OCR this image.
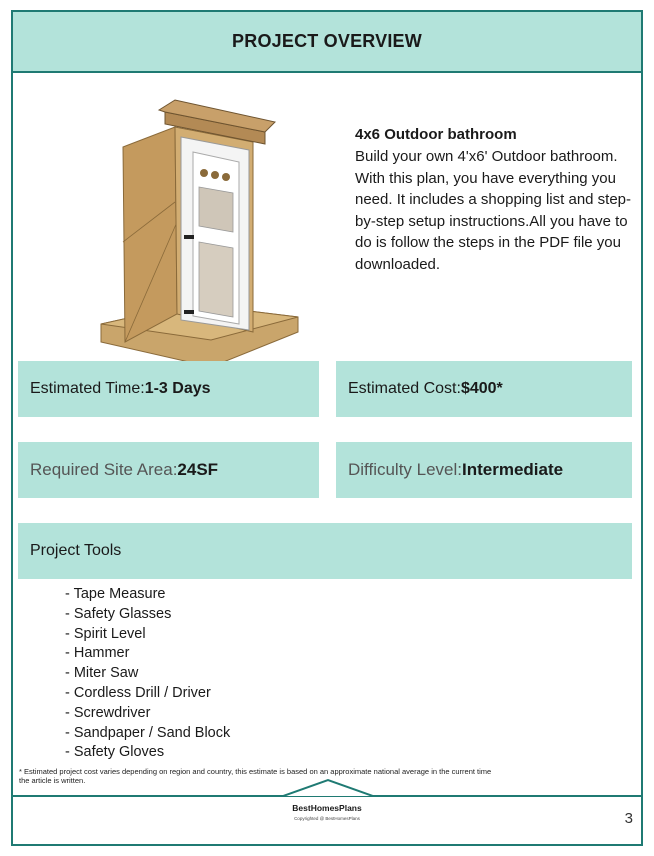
PROJECT OVERVIEW
4x6 Outdoor bathroom
Build your own 4'x6' Outdoor bathroom. With this plan, you have everything you need. It includes a shopping list and step-by-step setup instructions.All you have to do is follow the steps in the PDF file you downloaded.
Estimated Time: 1-3 Days	Estimated Cost: $400*
Required Site Area: 24SF	Difficulty Level: Intermediate
Project Tools
- Tape Measure
- Safety Glasses
- Spirit Level
- Hammer
- Miter Saw
- Cordless Drill / Driver
- Screwdriver
- Sandpaper / Sand Block
- Safety Gloves
* Estimated project cost varies depending on region and country, this estimate is based on an approximate national average in the current time
the article is written.
BestHomesPlans
Copyrighted @ BestHomesPlans	3
